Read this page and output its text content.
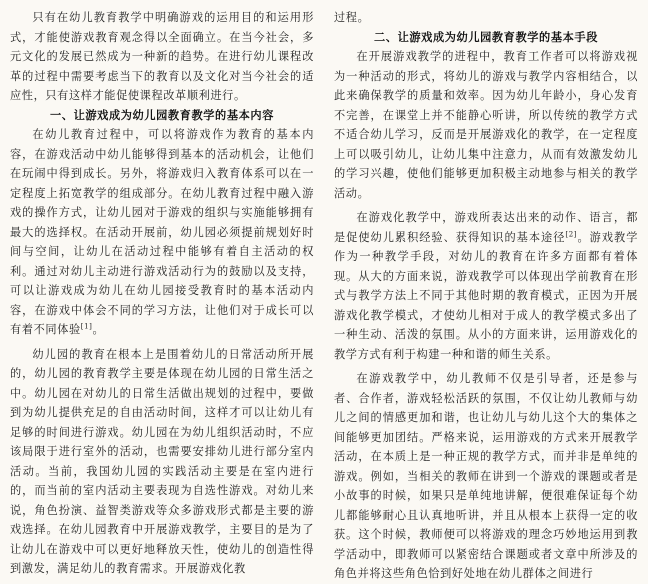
只有在幼儿教育教学中明确游戏的运用目的和运用形式，才能使游戏教育观念得以全面确立。在当今社会，多元文化的发展已然成为一种新的趋势。在进行幼儿课程改革的过程中需要考虑当下的教育以及文化对当今社会的适应性，只有这样才能促使课程改革顺利进行。

一、让游戏成为幼儿园教育教学的基本内容

在幼儿教育过程中，可以将游戏作为教育的基本内容，在游戏活动中幼儿能够得到基本的活动机会，让他们在玩闹中得到成长。另外，将游戏归入教育体系可以在一定程度上拓宽教学的组成部分。在幼儿教育过程中融入游戏的操作方式，让幼儿园对于游戏的组织与实施能够拥有最大的选择权。在活动开展前，幼儿园必须提前规划好时间与空间，让幼儿在活动过程中能够有着自主活动的权利。通过对幼儿主动进行游戏活动行为的鼓励以及支持，可以让游戏成为幼儿在幼儿园接受教育时的基本活动内容，在游戏中体会不同的学习方法，让他们对于成长可以有着不同体验[1]。

幼儿园的教育在根本上是围着幼儿的日常活动所开展的，幼儿园的教育教学主要是体现在幼儿园的日常生活之中。幼儿园在对幼儿的日常生活做出规划的过程中，要做到为幼儿提供充足的自由活动时间，这样才可以让幼儿有足够的时间进行游戏。幼儿园在为幼儿组织活动时，不应该局限于进行室外的活动，也需要安排幼儿进行部分室内活动。当前，我国幼儿园的实践活动主要是在室内进行的，而当前的室内活动主要表现为自选性游戏。对幼儿来说，角色扮演、益智类游戏等众多游戏形式都是主要的游戏选择。在幼儿园教育中开展游戏教学，主要目的是为了让幼儿在游戏中可以更好地释放天性，使幼儿的创造性得到激发，满足幼儿的教育需求。开展游戏化教

过程。

二、让游戏成为幼儿园教育教学的基本手段

在开展游戏教学的进程中，教育工作者可以将游戏视为一种活动的形式，将幼儿的游戏与教学内容相结合，以此来确保教学的质量和效率。因为幼儿年龄小，身心发育不完善，在课堂上并不能静心听讲，所以传统的教学方式不适合幼儿学习，反而是开展游戏化的教学，在一定程度上可以吸引幼儿，让幼儿集中注意力，从而有效激发幼儿的学习兴趣，使他们能够更加积极主动地参与相关的教学活动。

在游戏化教学中，游戏所表达出来的动作、语言，都是促使幼儿累积经验、获得知识的基本途径[2]。游戏教学作为一种教学手段，对幼儿的教育在许多方面都有着体现。从大的方面来说，游戏教学可以体现出学前教育在形式与教学方法上不同于其他时期的教育模式，正因为开展游戏化教学模式，才使幼儿相对于成人的教学模式多出了一种生动、活泼的氛围。从小的方面来讲，运用游戏化的教学方式有利于构建一种和谐的师生关系。

在游戏教学中，幼儿教师不仅是引导者，还是参与者、合作者，游戏轻松活跃的氛围，不仅让幼儿教师与幼儿之间的情感更加和谐，也让幼儿与幼儿这个大的集体之间能够更加团结。严格来说，运用游戏的方式来开展教学活动，在本质上是一种正规的教学方式，而并非是单纯的游戏。例如，当相关的教师在讲到一个游戏的课题或者是小故事的时候，如果只是单纯地讲解，便很难保证每个幼儿都能够耐心且认真地听讲，并且从根本上获得一定的收获。这个时候，教师便可以将游戏的理念巧妙地运用到教学活动中，即教师可以紧密结合课题或者文章中所涉及的角色并将这些角色恰到好处地在幼儿群体之间进行
